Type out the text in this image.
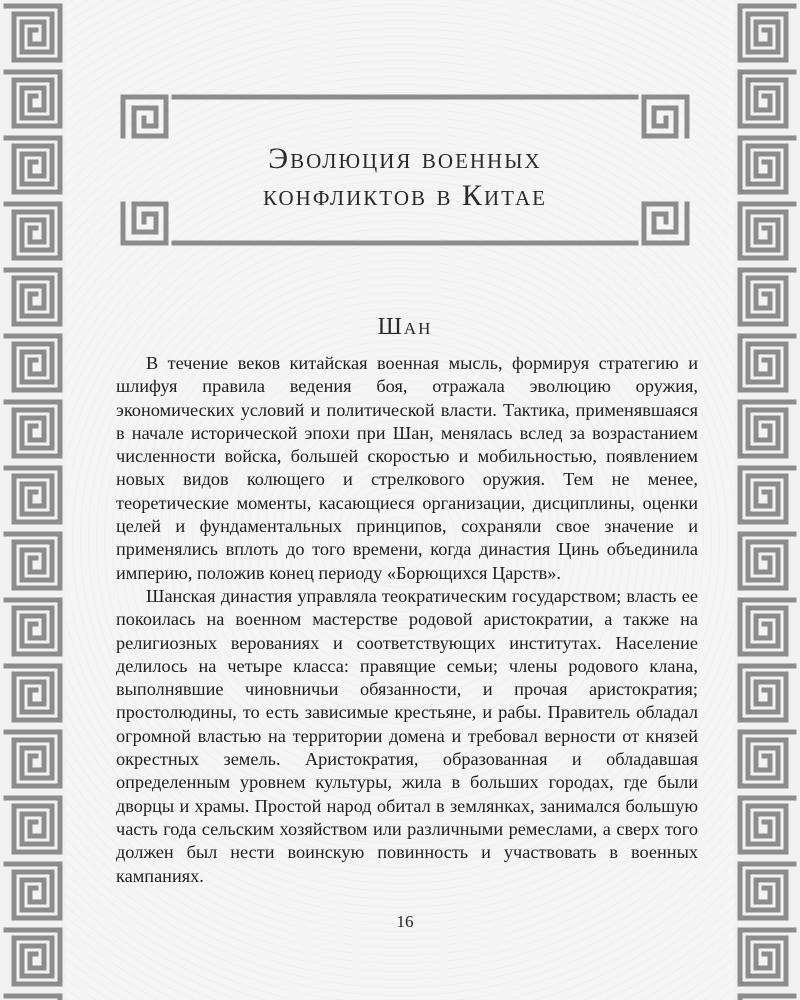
Эволюция военных
конфликтов в Китае
Шан

В течение веков китайская военная мысль, формируя стратегию и шлифуя правила ведения боя, отражала эволюцию оружия, экономических условий и политической власти. Тактика, применявшаяся в начале исторической эпохи при Шан, менялась вслед за возрастанием численности войска, большей скоростью и мобильностью, появлением новых видов колющего и стрелкового оружия. Тем не менее, теоретические моменты, касающиеся организации, дисциплины, оценки целей и фундаментальных принципов, сохраняли свое значение и применялись вплоть до того времени, когда династия Цинь объединила империю, положив конец периоду «Борющихся Царств».

Шанская династия управляла теократическим государством; власть ее покоилась на военном мастерстве родовой аристократии, а также на религиозных верованиях и соответствующих институтах. Население делилось на четыре класса: правящие семьи; члены родового клана, выполнявшие чиновничьи обязанности, и прочая аристократия; простолюдины, то есть зависимые крестьяне, и рабы. Правитель обладал огромной властью на территории домена и требовал верности от князей окрестных земель. Аристократия, образованная и обладавшая определенным уровнем культуры, жила в больших городах, где были дворцы и храмы. Простой народ обитал в землянках, занимался большую часть года сельским хозяйством или различными ремеслами, а сверх того должен был нести воинскую повинность и участвовать в военных кампаниях.

16
